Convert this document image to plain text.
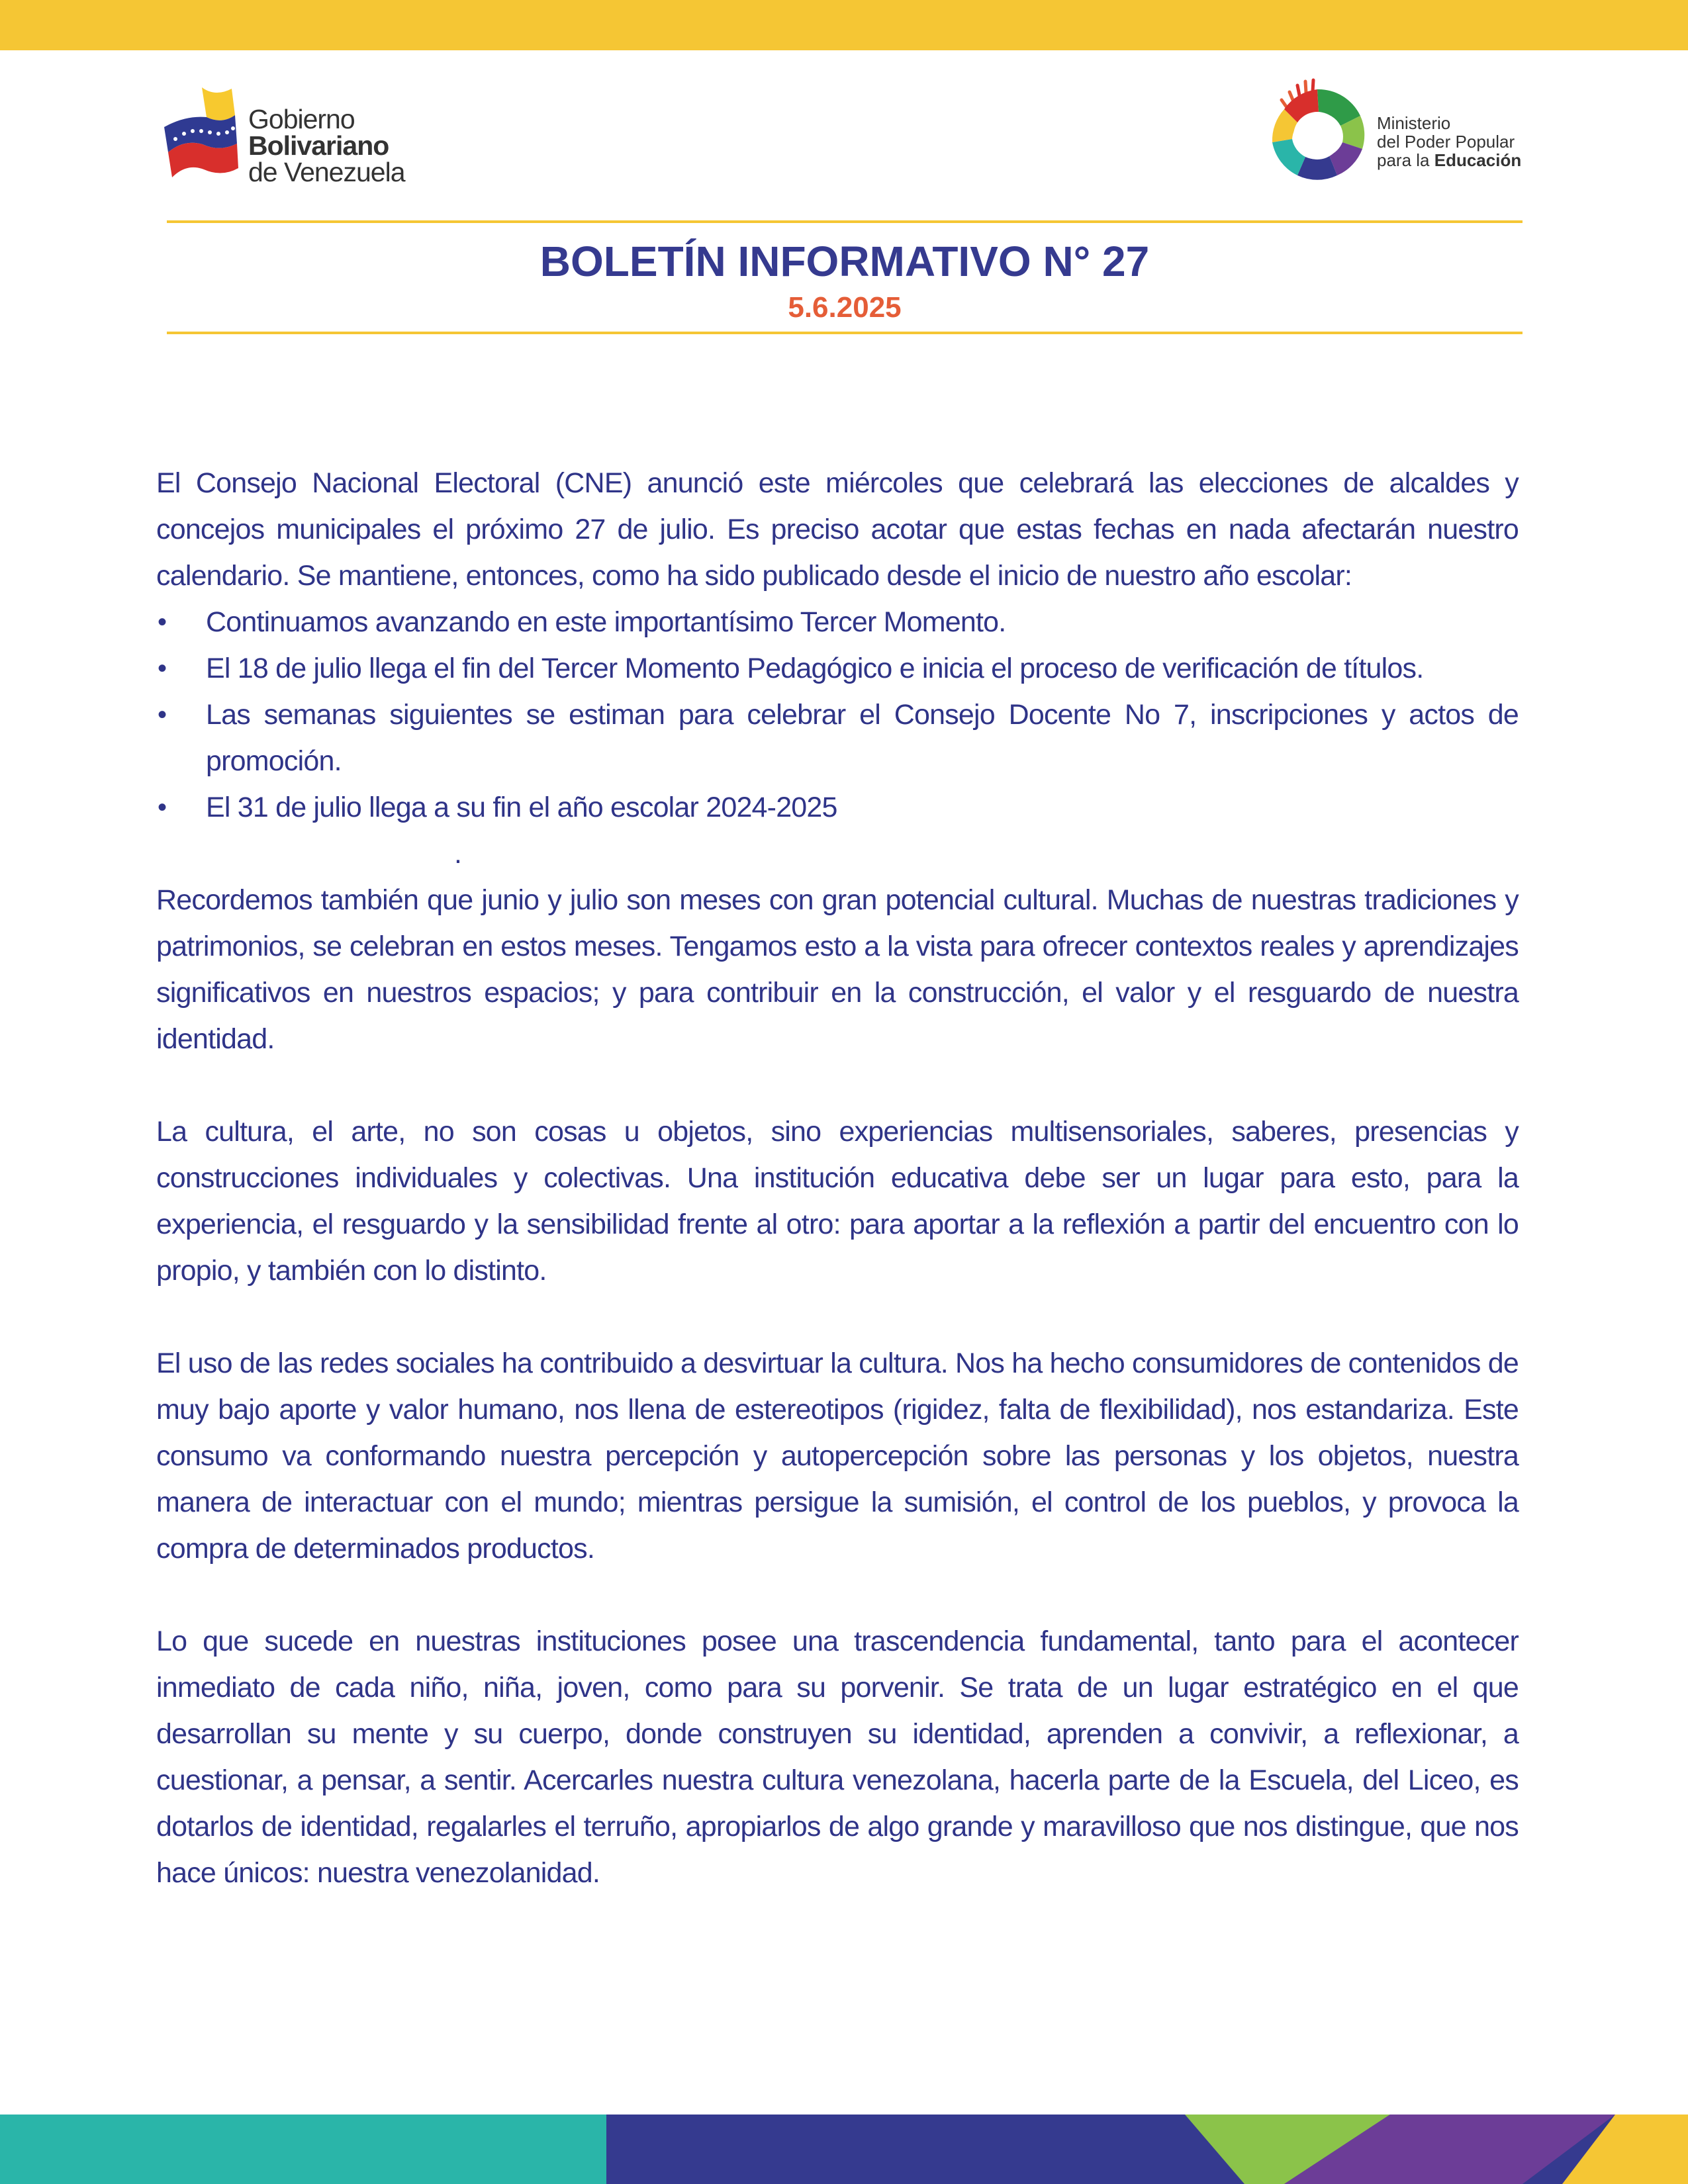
Gobierno
Bolivariano
de Venezuela
Ministerio
del Poder Popular
para la Educación
BOLETÍN INFORMATIVO N° 27
5.6.2025

El Consejo Nacional Electoral (CNE) anunció este miércoles que celebrará las elecciones de alcaldes y concejos municipales el próximo 27 de julio. Es preciso acotar que estas fechas en nada afectarán nuestro calendario. Se mantiene, entonces, como ha sido publicado desde el inicio de nuestro año escolar:

• Continuamos avanzando en este importantísimo Tercer Momento.
• El 18 de julio llega el fin del Tercer Momento Pedagógico e inicia el proceso de verificación de títulos.
• Las semanas siguientes se estiman para celebrar el Consejo Docente No 7, inscripciones y actos de promoción.
• El 31 de julio llega a su fin el año escolar 2024-2025
.

Recordemos también que junio y julio son meses con gran potencial cultural. Muchas de nuestras tradiciones y patrimonios, se celebran en estos meses. Tengamos esto a la vista para ofrecer contextos reales y aprendizajes significativos en nuestros espacios; y para contribuir en la construcción, el valor y el resguardo de nuestra identidad.

La cultura, el arte, no son cosas u objetos, sino experiencias multisensoriales, saberes, presencias y construcciones individuales y colectivas. Una institución educativa debe ser un lugar para esto, para la experiencia, el resguardo y la sensibilidad frente al otro: para aportar a la reflexión a partir del encuentro con lo propio, y también con lo distinto.

El uso de las redes sociales ha contribuido a desvirtuar la cultura. Nos ha hecho consumidores de contenidos de muy bajo aporte y valor humano, nos llena de estereotipos (rigidez, falta de flexibilidad), nos estandariza. Este consumo va conformando nuestra percepción y autopercepción sobre las personas y los objetos, nuestra manera de interactuar con el mundo; mientras persigue la sumisión, el control de los pueblos, y provoca la compra de determinados productos.

Lo que sucede en nuestras instituciones posee una trascendencia fundamental, tanto para el acontecer inmediato de cada niño, niña, joven, como para su porvenir. Se trata de un lugar estratégico en el que desarrollan su mente y su cuerpo, donde construyen su identidad, aprenden a convivir, a reflexionar, a cuestionar, a pensar, a sentir. Acercarles nuestra cultura venezolana, hacerla parte de la Escuela, del Liceo, es dotarlos de identidad, regalarles el terruño, apropiarlos de algo grande y maravilloso que nos distingue, que nos hace únicos: nuestra venezolanidad.
